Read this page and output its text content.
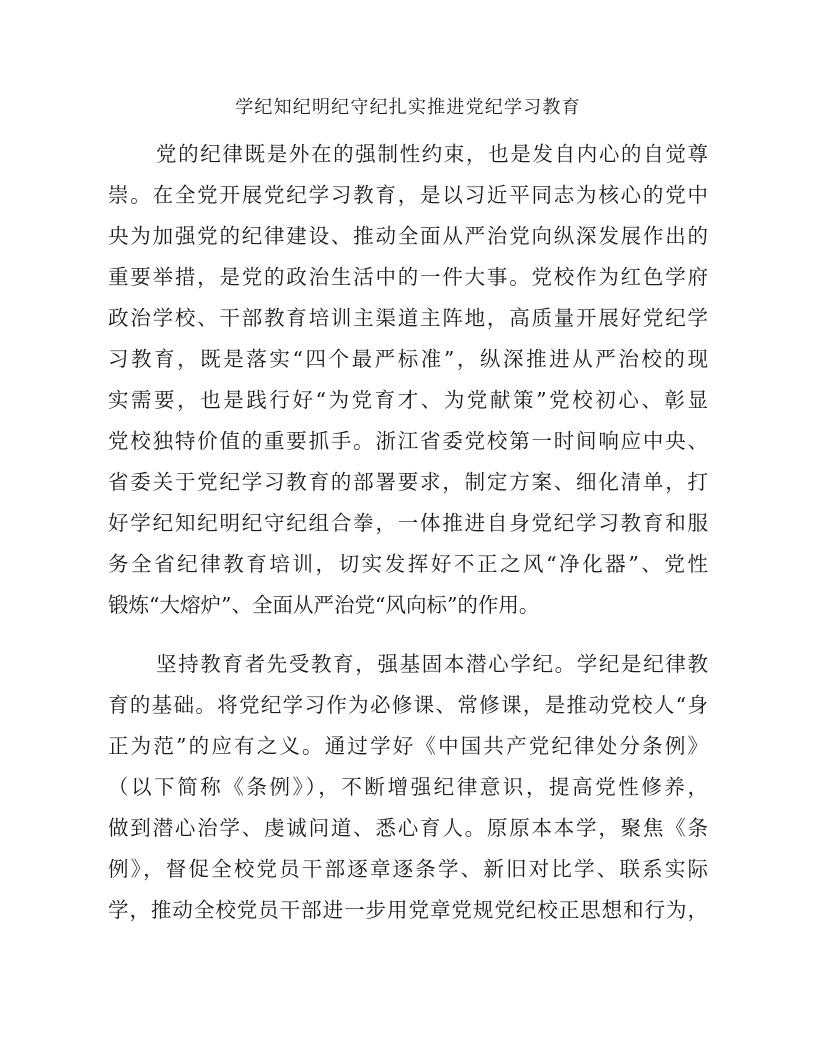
学纪知纪明纪守纪扎实推进党纪学习教育
党的纪律既是外在的强制性约束，也是发自内心的自觉尊
崇。在全党开展党纪学习教育，是以习近平同志为核心的党中
央为加强党的纪律建设、推动全面从严治党向纵深发展作出的
重要举措，是党的政治生活中的一件大事。党校作为红色学府
政治学校、干部教育培训主渠道主阵地，高质量开展好党纪学
习教育，既是落实“四个最严标准”，纵深推进从严治校的现
实需要，也是践行好“为党育才、为党献策”党校初心、彰显
党校独特价值的重要抓手。浙江省委党校第一时间响应中央、
省委关于党纪学习教育的部署要求，制定方案、细化清单，打
好学纪知纪明纪守纪组合拳，一体推进自身党纪学习教育和服
务全省纪律教育培训，切实发挥好不正之风“净化器”、党性
锻炼“大熔炉”、全面从严治党“风向标”的作用。
坚持教育者先受教育，强基固本潜心学纪。学纪是纪律教
育的基础。将党纪学习作为必修课、常修课，是推动党校人“身
正为范”的应有之义。通过学好《中国共产党纪律处分条例》
（以下简称《条例》），不断增强纪律意识，提高党性修养，
做到潜心治学、虔诚问道、悉心育人。原原本本学，聚焦《条
例》，督促全校党员干部逐章逐条学、新旧对比学、联系实际
学，推动全校党员干部进一步用党章党规党纪校正思想和行为，
